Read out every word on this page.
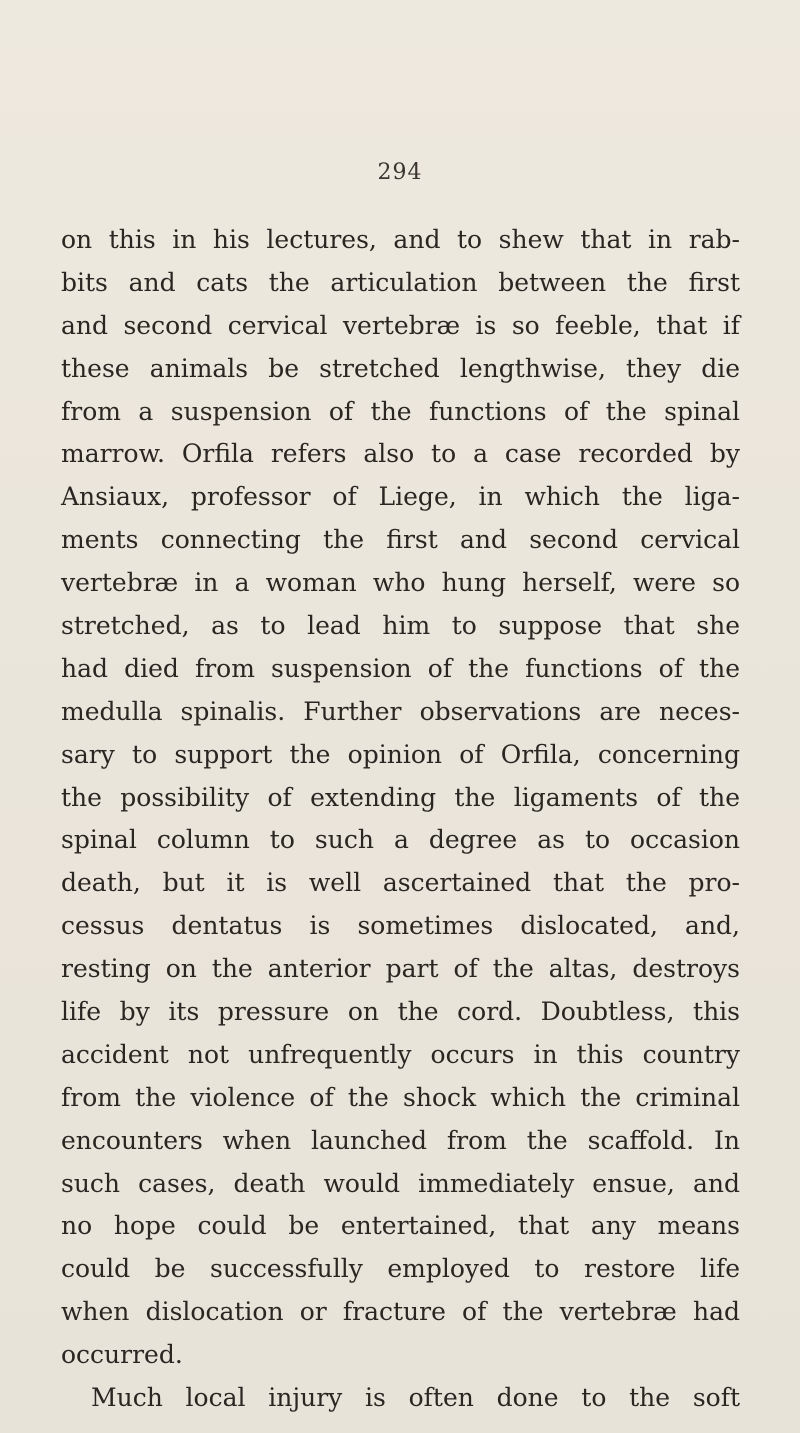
294
on this in his lectures, and to shew that in rab-
bits and cats the articulation between the first
and second cervical vertebræ is so feeble, that if
these animals be stretched lengthwise, they die
from a suspension of the functions of the spinal
marrow. Orfila refers also to a case recorded by
Ansiaux, professor of Liege, in which the liga-
ments connecting the first and second cervical
vertebræ in a woman who hung herself, were so
stretched, as to lead him to suppose that she
had died from suspension of the functions of the
medulla spinalis. Further observations are neces-
sary to support the opinion of Orfila, concerning
the possibility of extending the ligaments of the
spinal column to such a degree as to occasion
death, but it is well ascertained that the pro-
cessus dentatus is sometimes dislocated, and,
resting on the anterior part of the altas, destroys
life by its pressure on the cord. Doubtless, this
accident not unfrequently occurs in this country
from the violence of the shock which the criminal
encounters when launched from the scaffold. In
such cases, death would immediately ensue, and
no hope could be entertained, that any means
could be successfully employed to restore life
when dislocation or fracture of the vertebræ had
occurred.
Much local injury is often done to the soft
